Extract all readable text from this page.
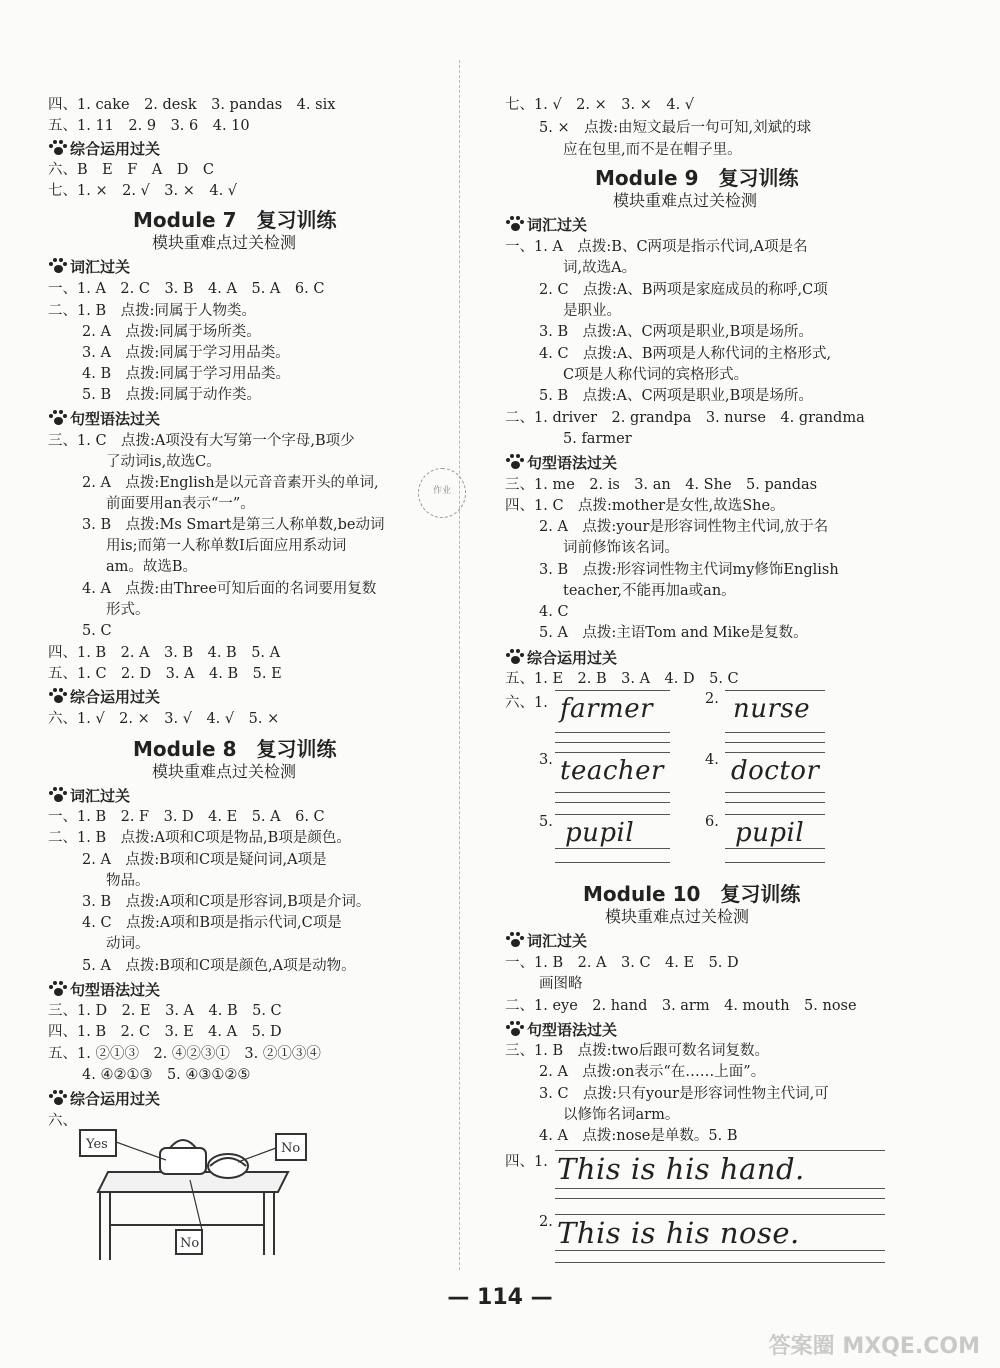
四、1. cake　2. desk　3. pandas　4. six
五、1. 11　2. 9　3. 6　4. 10
综合运用过关
六、B　E　F　A　D　C
七、1. ×　2. √　3. ×　4. √
Module 7　复习训练
模块重难点过关检测
词汇过关
一、1. A　2. C　3. B　4. A　5. A　6. C
二、1. B　点拨:同属于人物类。
2. A　点拨:同属于场所类。
3. A　点拨:同属于学习用品类。
4. B　点拨:同属于学习用品类。
5. B　点拨:同属于动作类。
句型语法过关
三、1. C　点拨:A项没有大写第一个字母,B项少
了动词is,故选C。
2. A　点拨:English是以元音音素开头的单词,
前面要用an表示“一”。
3. B　点拨:Ms Smart是第三人称单数,be动词
用is;而第一人称单数I后面应用系动词
am。故选B。
4. A　点拨:由Three可知后面的名词要用复数
形式。
5. C
四、1. B　2. A　3. B　4. B　5. A
五、1. C　2. D　3. A　4. B　5. E
综合运用过关
六、1. √　2. ×　3. √　4. √　5. ×
Module 8　复习训练
模块重难点过关检测
词汇过关
一、1. B　2. F　3. D　4. E　5. A　6. C
二、1. B　点拨:A项和C项是物品,B项是颜色。
2. A　点拨:B项和C项是疑问词,A项是
物品。
3. B　点拨:A项和C项是形容词,B项是介词。
4. C　点拨:A项和B项是指示代词,C项是
动词。
5. A　点拨:B项和C项是颜色,A项是动物。
句型语法过关
三、1. D　2. E　3. A　4. B　5. C
四、1. B　2. C　3. E　4. A　5. D
五、1. ②①③　2. ④②③①　3. ②①③④
4. ④②①③　5. ④③①②⑤
综合运用过关
六、
Yes	No
No
作业
七、1. √　2. ×　3. ×　4. √
5. ×　点拨:由短文最后一句可知,刘斌的球
应在包里,而不是在帽子里。
Module 9　复习训练
模块重难点过关检测
词汇过关
一、1. A　点拨:B、C两项是指示代词,A项是名
词,故选A。
2. C　点拨:A、B两项是家庭成员的称呼,C项
是职业。
3. B　点拨:A、C两项是职业,B项是场所。
4. C　点拨:A、B两项是人称代词的主格形式,
C项是人称代词的宾格形式。
5. B　点拨:A、C两项是职业,B项是场所。
二、1. driver　2. grandpa　3. nurse　4. grandma
5. farmer
句型语法过关
三、1. me　2. is　3. an　4. She　5. pandas
四、1. C　点拨:mother是女性,故选She。
2. A　点拨:your是形容词性物主代词,放于名
词前修饰该名词。
3. B　点拨:形容词性物主代词my修饰English
teacher,不能再加a或an。
4. C
5. A　点拨:主语Tom and Mike是复数。
综合运用过关
五、1. E　2. B　3. A　4. D　5. C
六、1. farmer	2. nurse
3. teacher	4. doctor
5. pupil	6. pupil
Module 10　复习训练
模块重难点过关检测
词汇过关
一、1. B　2. A　3. C　4. E　5. D
画图略
二、1. eye　2. hand　3. arm　4. mouth　5. nose
句型语法过关
三、1. B　点拨:two后跟可数名词复数。
2. A　点拨:on表示“在……上面”。
3. C　点拨:只有your是形容词性物主代词,可
以修饰名词arm。
4. A　点拨:nose是单数。5. B
四、1. This is his hand.
2. This is his nose.
— 114 —
答案圈 MXQE.COM
